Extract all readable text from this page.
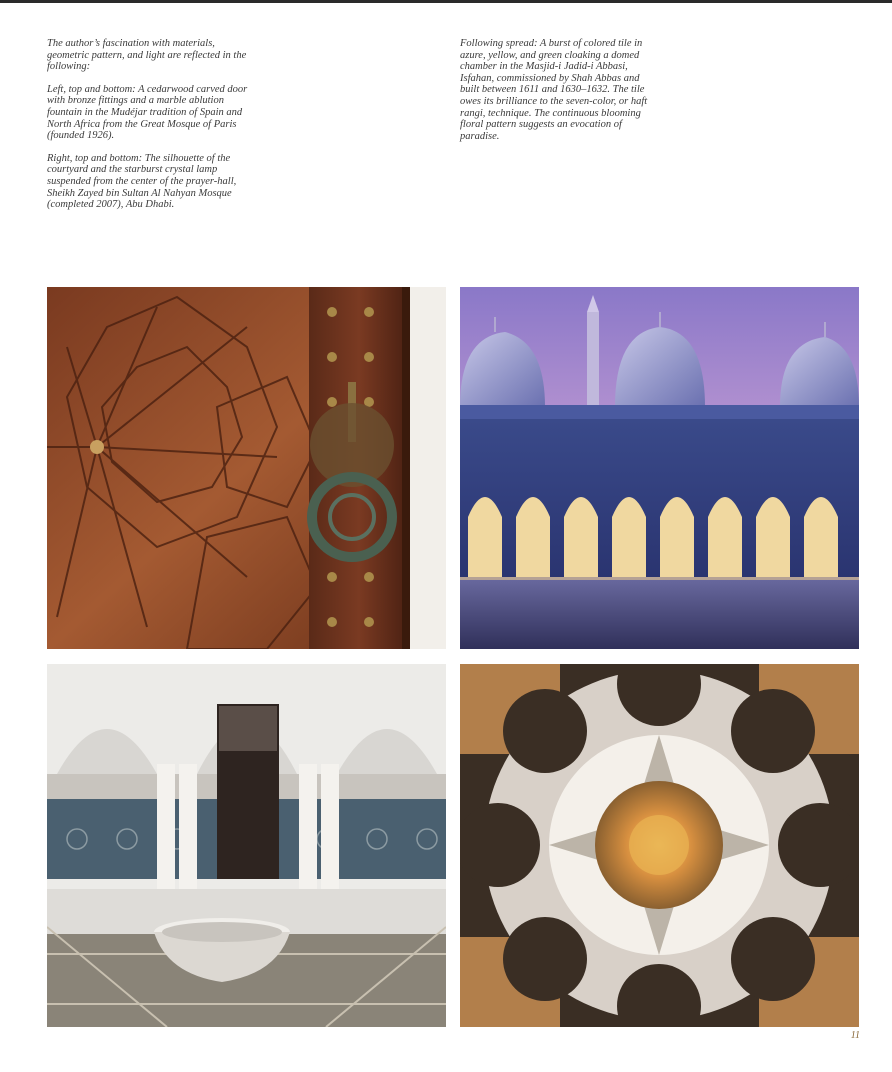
The author’s fascination with materials, geometric pattern, and light are reflected in the following:

Left, top and bottom: A cedarwood carved door with bronze fittings and a marble ablution fountain in the Mudéjar tradition of Spain and North Africa from the Great Mosque of Paris (founded 1926).

Right, top and bottom: The silhouette of the courtyard and the starburst crystal lamp suspended from the center of the prayer-hall, Sheikh Zayed bin Sultan Al Nahyan Mosque (completed 2007), Abu Dhabi.

Following spread: A burst of colored tile in azure, yellow, and green cloaking a domed chamber in the Masjid-i Jadid-i Abbasi, Isfahan, commissioned by Shah Abbas and built between 1611 and 1630–1632. The tile owes its brilliance to the seven-color, or haft rangi, technique. The continuous blooming floral pattern suggests an evocation of paradise.

11
